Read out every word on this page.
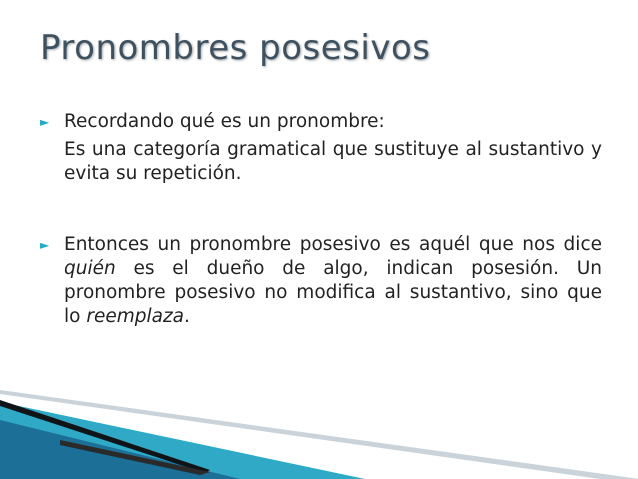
Pronombres posesivos
► Recordando qué es un pronombre:
Es una categoría gramatical que sustituye al sustantivo y evita su repetición.
► Entonces un pronombre posesivo es aquél que nos dice quién es el dueño de algo, indican posesión. Un pronombre posesivo no modifica al sustantivo, sino que lo reemplaza.
